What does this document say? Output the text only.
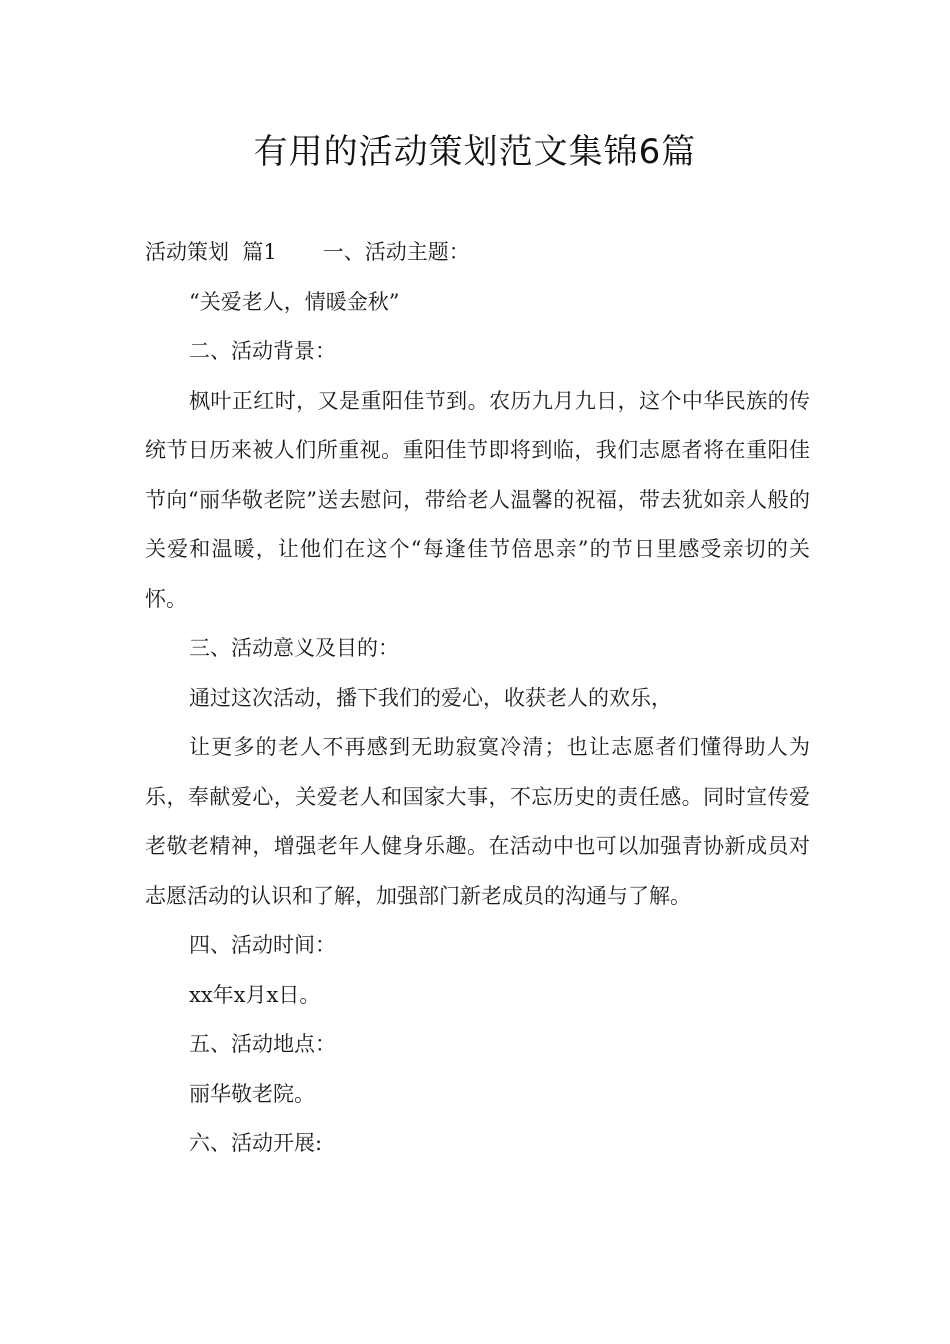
有用的活动策划范文集锦6篇

活动策划  篇1 一、活动主题：

“关爱老人，情暖金秋”

二、活动背景：

枫叶正红时，又是重阳佳节到。农历九月九日，这个中华民族的传统节日历来被人们所重视。重阳佳节即将到临，我们志愿者将在重阳佳节向“丽华敬老院”送去慰问，带给老人温馨的祝福，带去犹如亲人般的关爱和温暖，让他们在这个“每逢佳节倍思亲”的节日里感受亲切的关怀。

三、活动意义及目的：

通过这次活动，播下我们的爱心，收获老人的欢乐，

让更多的老人不再感到无助寂寞冷清；也让志愿者们懂得助人为乐，奉献爱心，关爱老人和国家大事，不忘历史的责任感。同时宣传爱老敬老精神，增强老年人健身乐趣。在活动中也可以加强青协新成员对志愿活动的认识和了解，加强部门新老成员的沟通与了解。

四、活动时间：

xx年x月x日。

五、活动地点：

丽华敬老院。

六、活动开展:
